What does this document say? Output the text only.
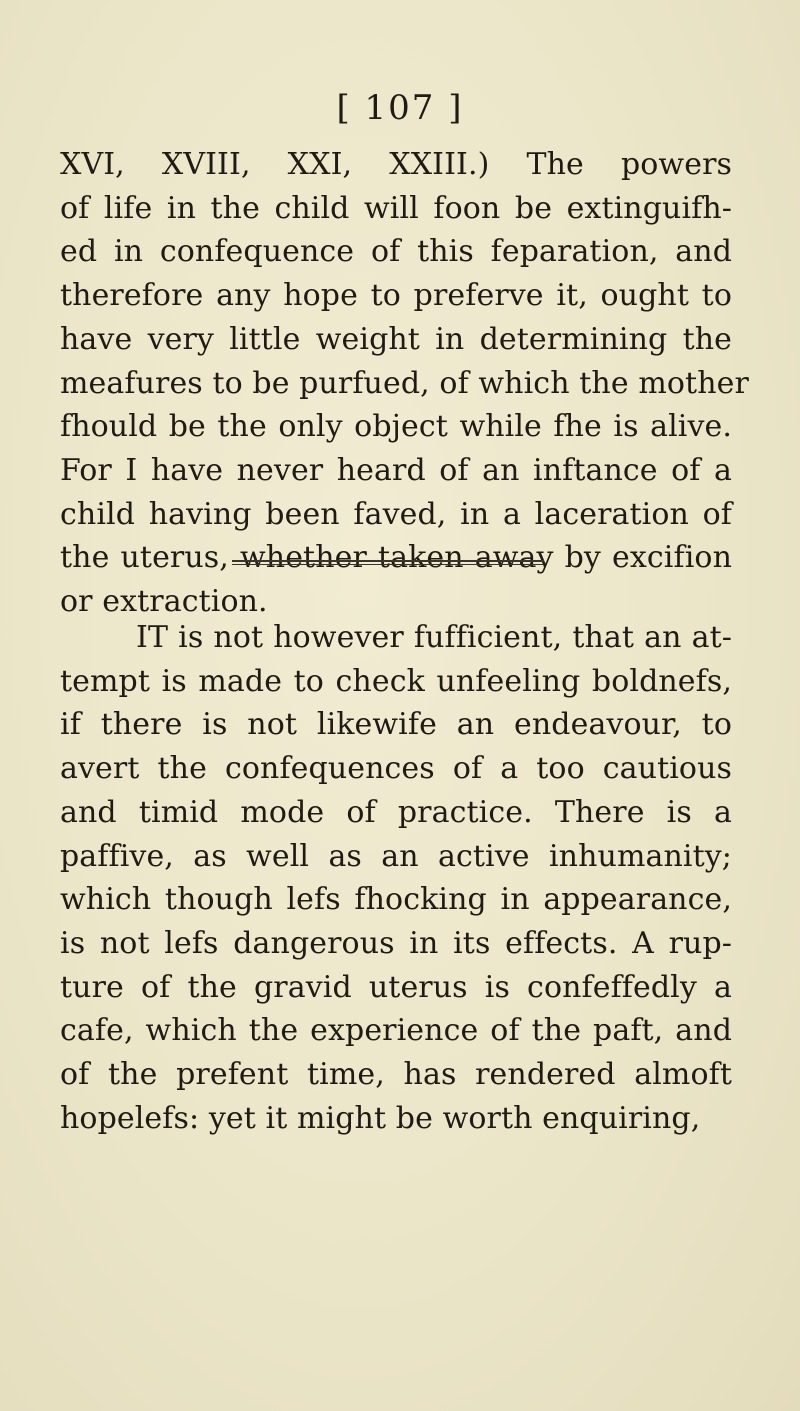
[ 107 ]
XVI, XVIII, XXI, XXIII.) The powers
of life in the child will foon be extinguifh-
ed in confequence of this feparation, and
therefore any hope to preferve it, ought to
have very little weight in determining the
meafures to be purfued, of which the mother
fhould be the only object while fhe is alive.
For I have never heard of an inftance of a
child having been faved, in a laceration of
the uterus, whether taken away by excifion
or extraction.
IT is not however fufficient, that an at-
tempt is made to check unfeeling boldnefs,
if there is not likewife an endeavour, to
avert the confequences of a too cautious
and timid mode of practice. There is a
paffive, as well as an active inhumanity;
which though lefs fhocking in appearance,
is not lefs dangerous in its effects. A rup-
ture of the gravid uterus is confeffedly a
cafe, which the experience of the paft, and
of the prefent time, has rendered almoft
hopelefs: yet it might be worth enquiring,
